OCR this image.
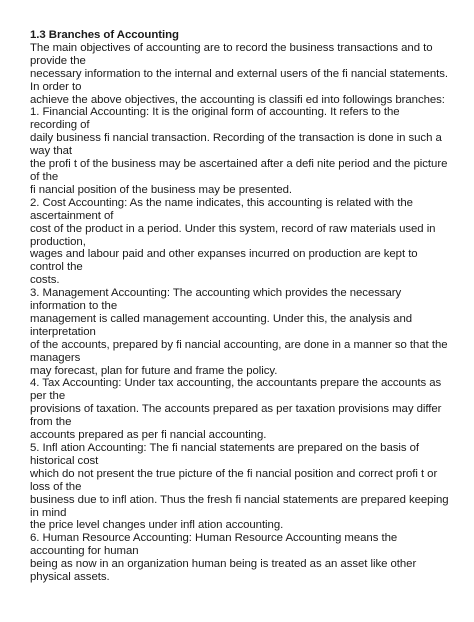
1.3 Branches of Accounting
The main objectives of accounting are to record the business transactions and to
provide the
necessary information to the internal and external users of the fi nancial statements.
In order to
achieve the above objectives, the accounting is classifi ed into followings branches:
1. Financial Accounting: It is the original form of accounting. It refers to the
recording of
daily business fi nancial transaction. Recording of the transaction is done in such a
way that
the profi t of the business may be ascertained after a defi nite period and the picture
of the
fi nancial position of the business may be presented.
2. Cost Accounting: As the name indicates, this accounting is related with the
ascertainment of
cost of the product in a period. Under this system, record of raw materials used in
production,
wages and labour paid and other expanses incurred on production are kept to
control the
costs.
3. Management Accounting: The accounting which provides the necessary
information to the
management is called management accounting. Under this, the analysis and
interpretation
of the accounts, prepared by fi nancial accounting, are done in a manner so that the
managers
may forecast, plan for future and frame the policy.
4. Tax Accounting: Under tax accounting, the accountants prepare the accounts as
per the
provisions of taxation. The accounts prepared as per taxation provisions may differ
from the
accounts prepared as per fi nancial accounting.
5. Infl ation Accounting: The fi nancial statements are prepared on the basis of
historical cost
which do not present the true picture of the fi nancial position and correct profi t or
loss of the
business due to infl ation. Thus the fresh fi nancial statements are prepared keeping
in mind
the price level changes under infl ation accounting.
6. Human Resource Accounting: Human Resource Accounting means the
accounting for human
being as now in an organization human being is treated as an asset like other
physical assets.
